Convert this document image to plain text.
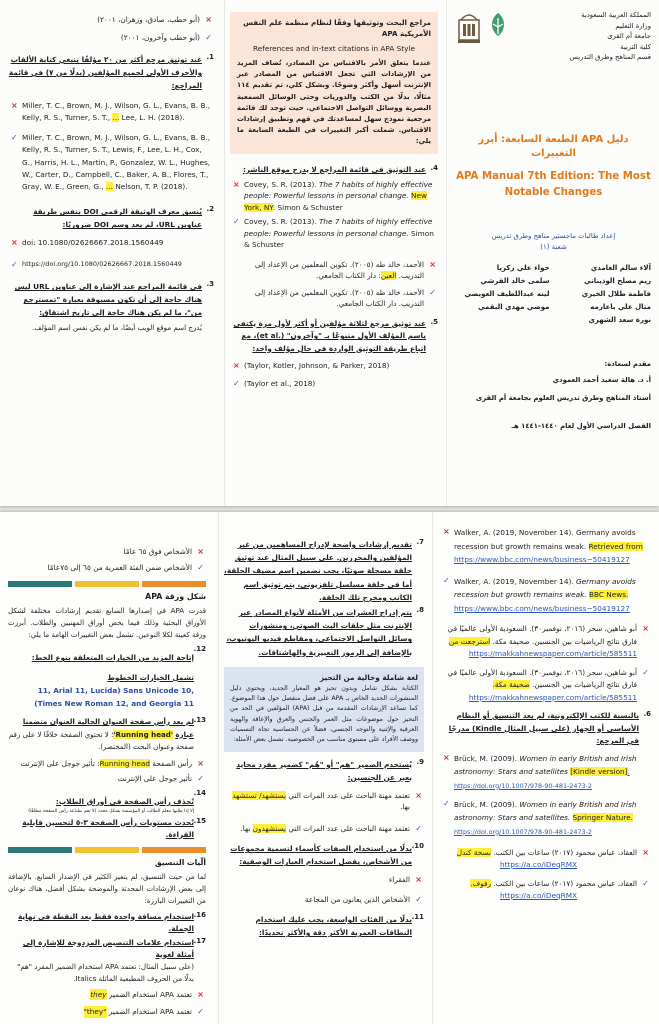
المملكة العربية السعودية
وزارة التعليم
جامعة أم القرى
كلية التربية
قسم المناهج وطرق التدريس
دليل APA الطبعة السابعة: أبرز التغييرات
APA Manual 7th Edition: The Most Notable Changes
إعداد طالبات ماجستير مناهج وطرق تدريس
شعبة (١)
آلاء سالم الغامدي
حواء علي زكريا
ريم مصلح الوذيناني
سلمى خالد القرشي
فاطمة طلال الخيري
لينه عبداللطيف العويضي
منال علي باعارمه
موضي مهدي البقمي
نورة سعد الشهري
مقدم لسعادة:
أ. د. هالة سعيد أحمد العمودي
أستاذ المناهج وطرق تدريس العلوم بجامعة أم القرى
الفصل الدراسي الأول لعام ١٤٤٠-١٤٤١ هـ
مراجع البحث وتوثيقها وفقًا لنظام منظمة علم النفس الأمريكية APA
References and in-text citations in APA Style
عندما يتعلق الأمر بالاقتباس من المصادر، تُضاف المزيد من الإرشادات التي تجعل الاقتباس من المصادر عبر الإنترنت أسهل وأكثر وضوحًا. وبشكل كلي، تم تقديم ١١٤ مثالًا، بدلًا من الكتب والدوريات وحتى الوسائل السمعية البصرية ووسائل التواصل الاجتماعي. حيث توجد لك قائمة مرجعية نموذج سهل لمساعدتك في فهم وتطبيق إرشادات الاقتباس. شملت أكبر التغييرات في الطبعة السابعة ما يلي:
4.
عند التوثيق في قائمة المراجع لا يدرج موقع الناشر:
× Covey, S. R. (2013). The 7 habits of highly effective people: Powerful lessons in personal change. New York, NY: Simon & Schuster
✓ Covey, S. R. (2013). The 7 habits of highly effective people: Powerful lessons in personal change. Simon & Schuster
×
الأحمد، خالد طه (٢٠٠٥). تكوين المعلمين من الإعداد إلى التدريب. العين: دار الكتاب الجامعي.
✓
الأحمد، خالد طه (٢٠٠٥). تكوين المعلمين من الإعداد إلى التدريب. دار الكتاب الجامعي.
5.
عند توثيق مرجع لثلاثة مؤلفين أو أكثر لأول مرة يكتفى باسم المؤلف الأول متبوعًا بـ "وآخرون" (.et al)، مع اتباع طريقة التوثيق الواردة في حال مؤلف واحد:
× (Taylor, Kotler, Johnson, & Parker, 2018)
✓ (Taylor et al., 2018)
×
(أبو حطب، صادق، وزهران، ٢٠٠١)
✓
(أبو حطب وآخرون، ٢٠٠١)
1.
عند توثيق مرجع أكثر من ٢٠ مؤلفًا ينبغي كتابة الألقاب والأحرف الأولى لجميع المؤلفين (بدلًا من ٧) في قائمة المراجع:
× Miller, T. C., Brown, M. J., Wilson, G. L., Evans, B. B., Kelly, R. S., Turner, S. T., ... Lee, L. H. (2018).
✓ Miller, T. C., Brown, M. J., Wilson, G. L., Evans, B. B., Kelly, R. S., Turner, S. T., Lewis, F., Lee, L. H., Cox, G., Harris, H. L., Martin, P., Gonzalez, W. L., Hughes, W., Carter, D., Campbell, C., Baker, A. B., Flores, T., Gray, W. E., Green, G., ... Nelson, T. P. (2018).
2.
يُنسق معرف الوثيقة الرقمي DOI بنفس طريقة عناوين URL، لم يعد وسم DOI ضروريًا:
× doi: 10.1080/02626667.2018.1560449
✓ https://doi.org/10.1080/02626667.2018.1560449
3.
في قائمة المراجع عند الإشارة إلى عناوين URL ليس هناك حاجة إلى أن تكون مسبوقة بعبارة "تمسترجع من"، ما لم يكن هناك حاجة إلى تاريخ اشتقاق:
يُدرج اسم موقع الويب أيضًا، ما لم يكن نفس اسم المؤلف.
× Walker, A. (2019, November 14). Germany avoids recession but growth remains weak. Retrieved from https://www.bbc.com/news/business−50419127
✓ Walker, A. (2019, November 14). Germany avoids recession but growth remains weak. BBC News. https://www.bbc.com/news/business−50419127
×
أبو شاهين، سحر (٢٠١٦، نوفمبر٣٠). السعودية الأولى عالميًا في فارق نتائج الرياضيات بين الجنسين. صحيفة مكة. استرجعت من
https://makkahnewspaper.com/article/585511
✓
أبو شاهين، سحر (٢٠١٦، نوفمبر٣٠). السعودية الأولى عالميًا في فارق نتائج الرياضيات بين الجنسين. صحيفة مكة.
https://makkahnewspaper.com/article/585511
6.
بالنسبة للكتب الإلكترونية، لم يعد التنسيق أو النظام الأساسي أو الجهاز (على سبيل المثال Kindle) مدرجًا في المرجع:
× Brück, M. (2009). Women in early British and Irish astronomy: Stars and satellites [Kindle version]. https://doi.org/10.1007/978-90-481-2473-2
✓ Brück, M. (2009). Women in early British and Irish astronomy: Stars and satellites. Springer Nature. https://doi.org/10.1007/978-90-481-2473-2
×
العقاد، عباس محمود (٢٠١٧) ساعات بين الكتب. نسخة كندل
https://a.co/iDeqRMX
✓
العقاد، عباس محمود (٢٠١٧) ساعات بين الكتب. رفوف.
https://a.co/iDeqRMX
7.
تقديم إرشادات واضحة لإدراج المساهمين من غير المؤلفين والمحررين. على سبيل المثال عند توثيق حلقة مسجلة صوتيًا، يجب تضمين اسم مضيف الحلقة، أما في حلقة مسلسل تلفزيوني، يتم توثيق اسم الكاتب ومخرج تلك الحلقة.
8.
يتم إدراج العشرات من الأمثلة لأنواع المصادر عبر الإنترنت مثل حلقات البث الصوتي، ومنشورات وسائل التواصل الاجتماعي، ومقاطع فيديو اليوتيوب، بالإضافة إلى الرموز التعبيرية والهاشتاقات.
لغة شاملة وخالية من التحيز
الكتابة بشكل شامل وبدون تحيز هو المعيار الجديد، ويحتوي دليل المنشورات الجديد الخاص بـ APA على فصل منفصل حول هذا الموضوع. كما تساعد الإرشادات المقدمة من قبل (APA) المؤلفين في الحد من التحيز حول موضوعات مثل العمر والجنس والعرق والإعاقة والهوية العرقية والإثنية والتوجه الجنسي، فضلاً عن الحساسية تجاه التسميات ووصف الأفراد على مستوى مناسب من الخصوصية. تشمل بعض الأمثلة:
9.
يُستخدم الضمير "هم" أو "هُم" كضمير مفرد محايد بعبر عن الجنسين:
×
تعتمد مهنة الباحث على عدد المرات التي يستشهد/ تستشهد بها.
✓
تعتمد مهنة الباحث على عدد المرات التي يستشهدون بها.
10.
بدلًا من استخدام الصفات كأسماء لتسمية مجموعات من الأشخاص، يفضل استخدام العبارات الوصفية:
×
الفقراء
✓
الأشخاص الذين يعانون من المجاعة
11.
بدلًا من الفئات الواسعة، يجب عليك استخدام النطاقات العمرية الأكثر دقة والأكثر تحديدًا:
×
الأشخاص فوق ٦٥ عامًا
✓
الأشخاص ضمن الفئة العمرية من ٦٥ إلى ٧٥عامًا
شكل ورقة APA
قدرت APA في إصدارها السابع تقديم إرشادات مختلفة لشكل الأوراق البحثية وذلك فيما يخص أوراق المهنيين والطلاب. أبرزت ورقة كعينة لكلا النوعين. تشمل بعض التغييرات الهامة ما يلي:
12.
إتاحة المزيد من الخيارات المتعلقة بنوع الخط: تشمل الخيارات الخطوط
11, Arial 11, Lucida) Sans Unicode 10,
(Times New Roman 12, and Georgia 11
13.
لم يعد رأس صفحة العنوان الحالية العنوان متضمنا عبارة 'Running head'؛ لا تحتوي الصفحة خلافًا لا على رقم صفحة وعنوان البحث (المختصر).
×
رأس الصفحة Running head: تأثير جوجل على الإنترنت
✓
تأثير جوجل على الإنترنت
14.
تُحذف رأس الصفحة في أوراق الطلاب:
إلا إذا طلبها معلم الطالب أو المؤسسة بشكل محدد (لا تقم بطباعة رأس الصفحة مطلقًا)
15.
تُحدث مستويات رأس الصفحة ٣-٥ لتحسين قابلية القراءة.
ألّيات التنسيق
لما من حيث التنسيق، لم يتغير الكثير في الإصدار السابع. بالإضافة إلى بعض الإرشادات المحدثة والموضحة بشكل أفضل، هناك نوعان من التغييرات البارزة:
16.
استخدام مسافة واحدة فقط بعد النقطة في نهاية الجملة.
17.
استخدام علامات التنصيص المزدوجة للإشارة إلى أمثلة لغوية
(على سبيل المثال: تعتمد APA استخدام الضمير المفرد "هم" بدلًا من الحروف المطبعية المائلة Italics.
×
تعتمد APA استخدام الضمير they
✓
تعتمد APA استخدام الضمير "they"
